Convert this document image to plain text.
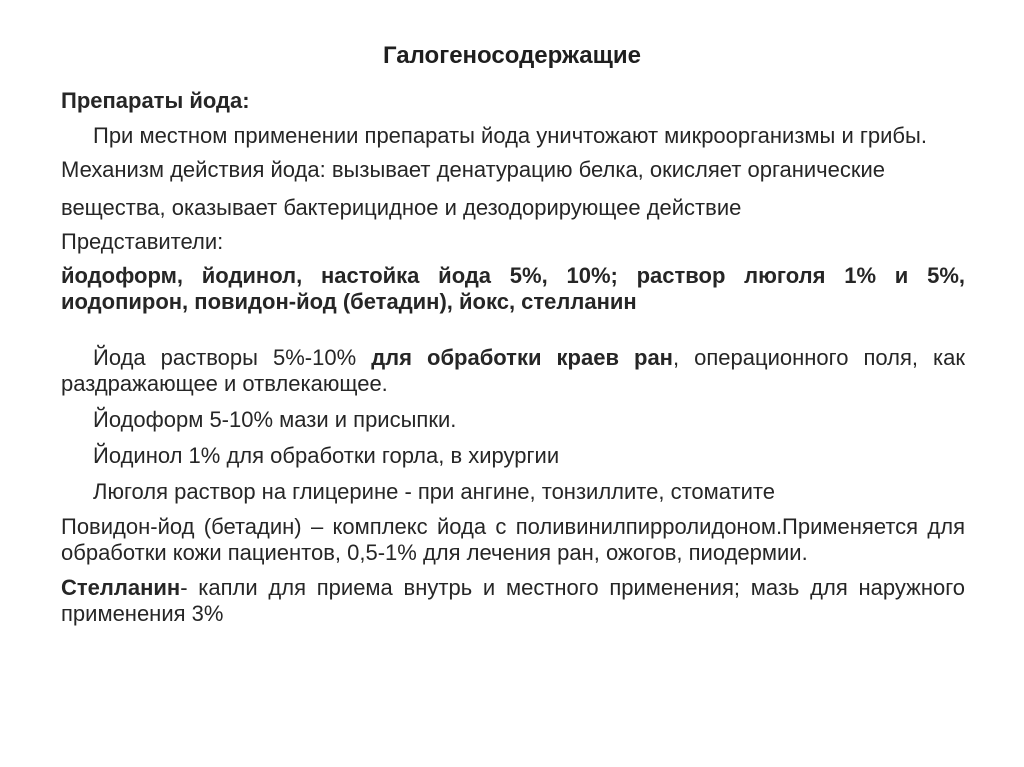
Галогеносодержащие

Препараты йода:

При местном применении препараты йода уничтожают микроорганизмы и грибы.

Механизм действия йода: вызывает денатурацию белка, окисляет органические

вещества, оказывает бактерицидное и дезодорирующее действие

Представители:

йодоформ, йодинол, настойка йода 5%, 10%; раствор люголя 1% и 5%, иодопирон, повидон-йод (бетадин), йокс, стелланин

Йода растворы 5%-10% для обработки краев ран, операционного поля, как раздражающее и отвлекающее.

Йодоформ 5-10% мази и присыпки.

Йодинол 1% для обработки горла, в хирургии

Люголя раствор на глицерине - при ангине, тонзиллите, стоматите

Повидон-йод (бетадин) – комплекс йода с поливинилпирролидоном.Применяется для обработки кожи пациентов, 0,5-1% для лечения ран, ожогов, пиодермии.

Стелланин- капли для приема внутрь и местного применения; мазь для наружного применения 3%
